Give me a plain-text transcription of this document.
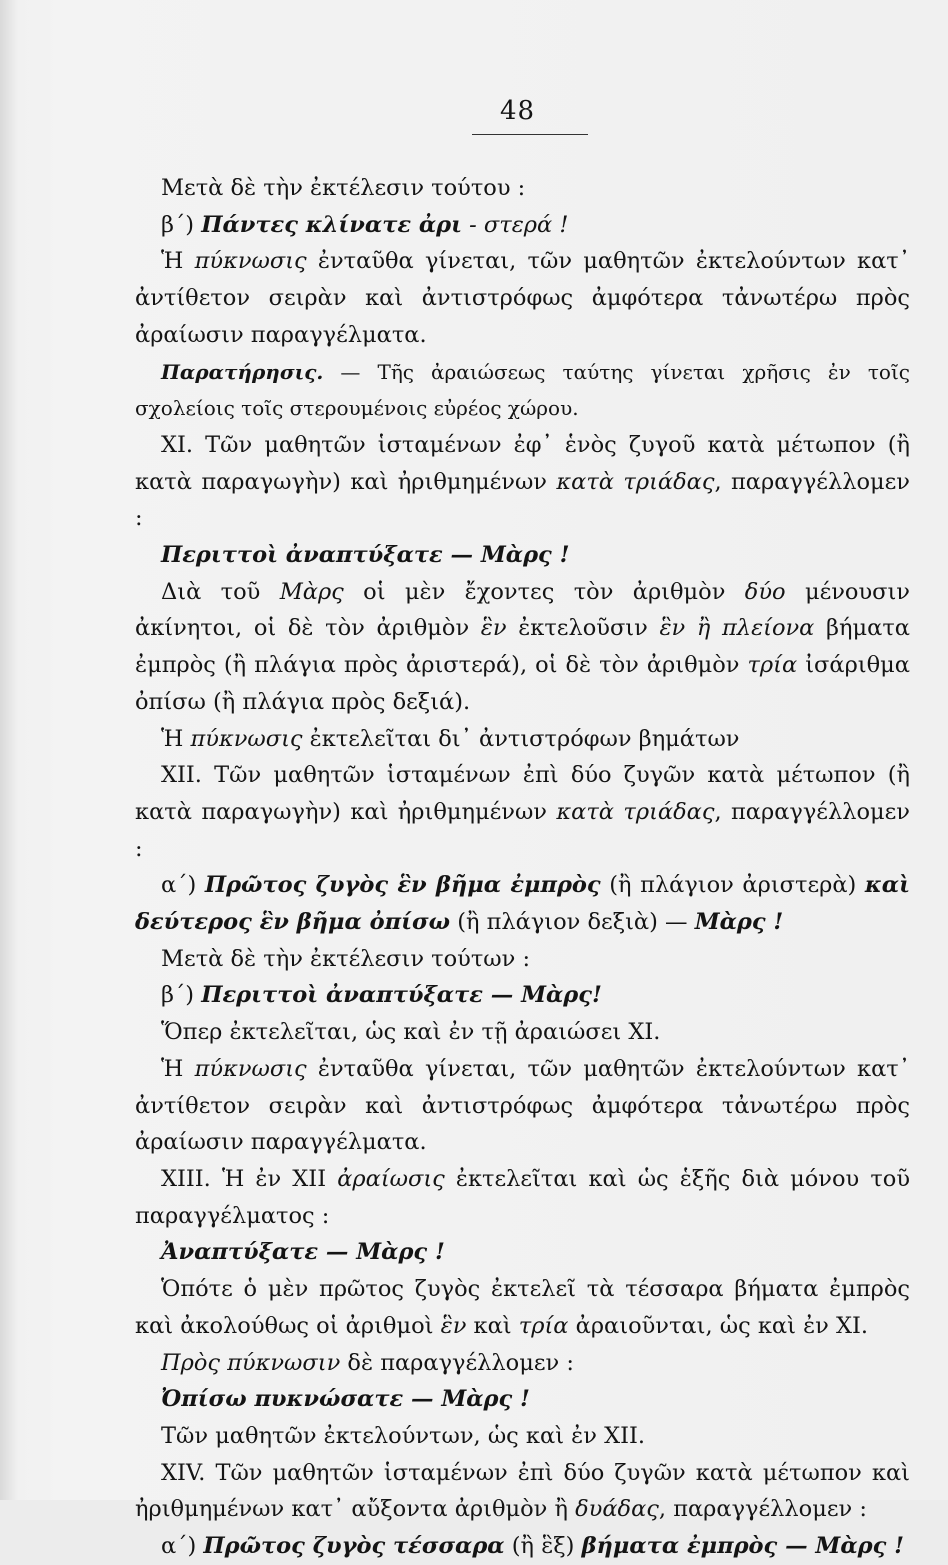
48

Μετὰ δὲ τὴν ἐκτέλεσιν τούτου :

β΄) Πάντες κλίνατε ἀρι - στερά !

Ἡ πύκνωσις ἐνταῦθα γίνεται, τῶν μαθητῶν ἐκτελούντων κατ᾽ ἀντίθετον σειρὰν καὶ ἀντιστρόφως ἀμφότερα τἀνωτέρω πρὸς ἀραίωσιν παραγγέλματα.

Παρατήρησις. — Τῆς ἀραιώσεως ταύτης γίνεται χρῆσις ἐν τοῖς σχολείοις τοῖς στερουμένοις εὐρέος χώρου.

XI. Τῶν μαθητῶν ἱσταμένων ἐφ᾽ ἑνὸς ζυγοῦ κατὰ μέτωπον (ἢ κατὰ παραγωγὴν) καὶ ἠριθμημένων κατὰ τριάδας, παραγγέλλομεν :

Περιττοὶ ἀναπτύξατε — Μὰρς !

Διὰ τοῦ Μὰρς οἱ μὲν ἔχοντες τὸν ἀριθμὸν δύο μένουσιν ἀκίνητοι, οἱ δὲ τὸν ἀριθμὸν ἓν ἐκτελοῦσιν ἓν ἢ πλείονα βήματα ἐμπρὸς (ἢ πλάγια πρὸς ἀριστερά), οἱ δὲ τὸν ἀριθμὸν τρία ἰσάριθμα ὀπίσω (ἢ πλάγια πρὸς δεξιά).

Ἡ πύκνωσις ἐκτελεῖται δι᾽ ἀντιστρόφων βημάτων

XII. Τῶν μαθητῶν ἱσταμένων ἐπὶ δύο ζυγῶν κατὰ μέτωπον (ἢ κατὰ παραγωγὴν) καὶ ἠριθμημένων κατὰ τριάδας, παραγγέλλομεν :

α΄) Πρῶτος ζυγὸς ἓν βῆμα ἐμπρὸς (ἢ πλάγιον ἀριστερὰ) καὶ δεύτερος ἓν βῆμα ὀπίσω (ἢ πλάγιον δεξιὰ) — Μὰρς !

Μετὰ δὲ τὴν ἐκτέλεσιν τούτων :

β΄) Περιττοὶ ἀναπτύξατε — Μὰρς!

Ὅπερ ἐκτελεῖται, ὡς καὶ ἐν τῇ ἀραιώσει XI.

Ἡ πύκνωσις ἐνταῦθα γίνεται, τῶν μαθητῶν ἐκτελούντων κατ᾽ ἀντίθετον σειρὰν καὶ ἀντιστρόφως ἀμφότερα τἀνωτέρω πρὸς ἀραίωσιν παραγγέλματα.

XIII. Ἡ ἐν XII ἀραίωσις ἐκτελεῖται καὶ ὡς ἑξῆς διὰ μόνου τοῦ παραγγέλματος :

Ἀναπτύξατε — Μὰρς !

Ὁπότε ὁ μὲν πρῶτος ζυγὸς ἐκτελεῖ τὰ τέσσαρα βήματα ἐμπρὸς καὶ ἀκολούθως οἱ ἀριθμοὶ ἓν καὶ τρία ἀραιοῦνται, ὡς καὶ ἐν XI.

Πρὸς πύκνωσιν δὲ παραγγέλλομεν :

Ὀπίσω πυκνώσατε — Μὰρς !

Τῶν μαθητῶν ἐκτελούντων, ὡς καὶ ἐν XII.

XIV. Τῶν μαθητῶν ἱσταμένων ἐπὶ δύο ζυγῶν κατὰ μέτωπον καὶ ἠριθμημένων κατ᾽ αὔξοντα ἀριθμὸν ἢ δυάδας, παραγγέλλομεν :

α΄) Πρῶτος ζυγὸς τέσσαρα (ἢ ἓξ) βήματα ἐμπρὸς — Μὰρς !
